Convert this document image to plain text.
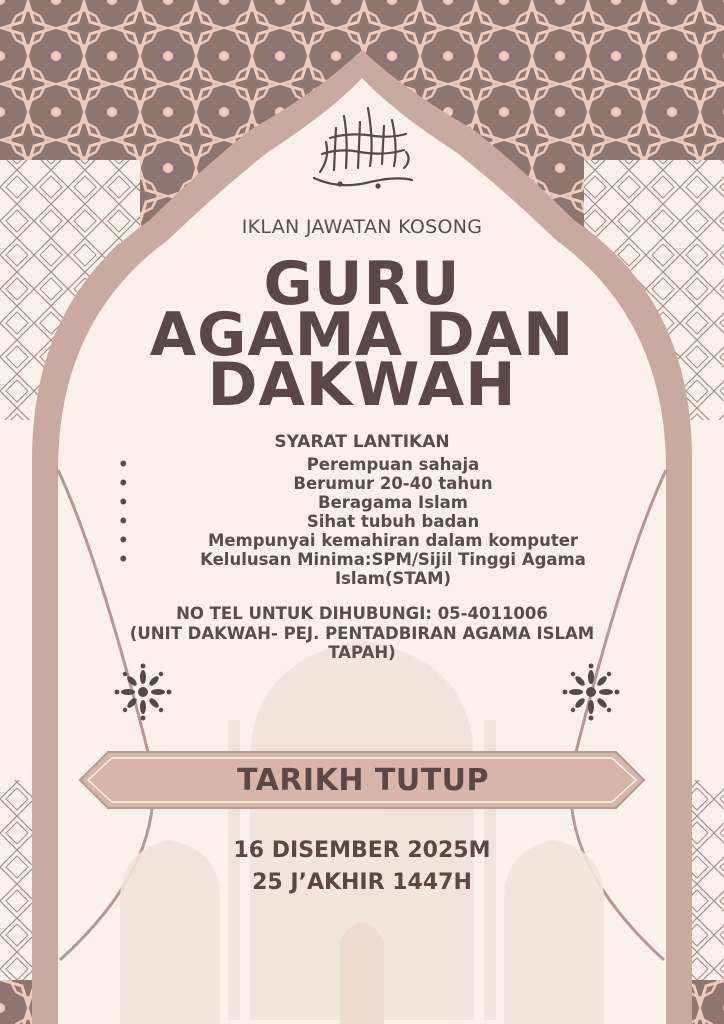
IKLAN JAWATAN KOSONG
GURU
AGAMA DAN
DAKWAH
SYARAT LANTIKAN
•	Perempuan sahaja
•	Berumur 20-40 tahun
•	Beragama Islam
•	Sihat tubuh badan
•	Mempunyai kemahiran dalam komputer
•	Kelulusan Minima:SPM/Sijil Tinggi Agama Islam(STAM)
NO TEL UNTUK DIHUBUNGI: 05-4011006
(UNIT DAKWAH- PEJ. PENTADBIRAN AGAMA ISLAM
TAPAH)
TARIKH TUTUP
16 DISEMBER 2025M
25 J’AKHIR 1447H
